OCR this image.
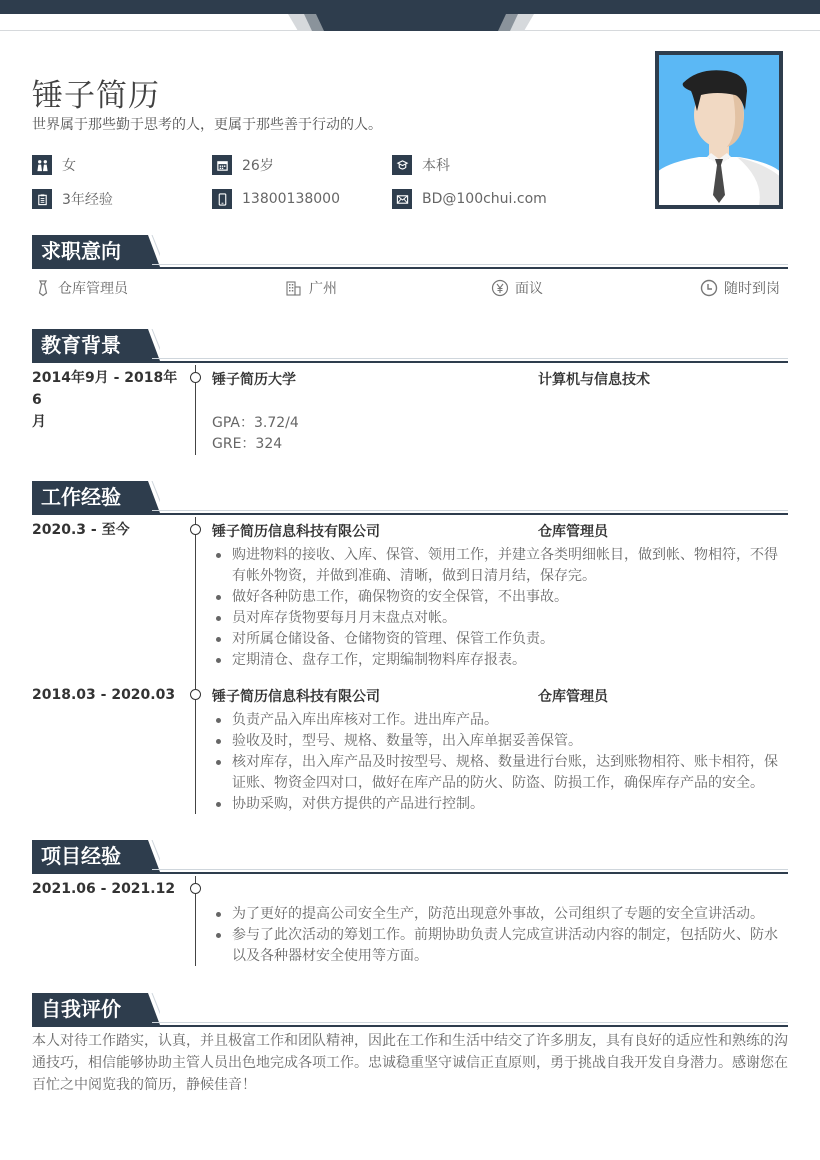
锤子简历
世界属于那些勤于思考的人，更属于那些善于行动的人。
女	26岁	本科
3年经验	13800138000	BD@100chui.com
求职意向
仓库管理员	广州	面议	随时到岗
教育背景
2014年9月 - 2018年6
月
锤子简历大学	计算机与信息技术
GPA：3.72/4
GRE：324
工作经验
2020.3 - 至今	锤子简历信息科技有限公司	仓库管理员
购进物料的接收、入库、保管、领用工作，并建立各类明细帐目，做到帐、物相符，不得有帐外物资，并做到准确、清晰，做到日清月结，保存完。
做好各种防患工作，确保物资的安全保管，不出事故。
员对库存货物要每月月末盘点对帐。
对所属仓储设备、仓储物资的管理、保管工作负责。
定期清仓、盘存工作，定期编制物料库存报表。
2018.03 - 2020.03	锤子简历信息科技有限公司	仓库管理员
负责产品入库出库核对工作。进出库产品。
验收及时，型号、规格、数量等，出入库单据妥善保管。
核对库存，出入库产品及时按型号、规格、数量进行台账，达到账物相符、账卡相符，保证账、物资金四对口，做好在库产品的防火、防盗、防损工作，确保库存产品的安全。
协助采购，对供方提供的产品进行控制。
项目经验
2021.06 - 2021.12
为了更好的提高公司安全生产，防范出现意外事故，公司组织了专题的安全宣讲活动。
参与了此次活动的筹划工作。前期协助负责人完成宣讲活动内容的制定，包括防火、防水以及各种器材安全使用等方面。
自我评价
本人对待工作踏实，认真，并且极富工作和团队精神，因此在工作和生活中结交了许多朋友，具有良好的适应性和熟练的沟通技巧，相信能够协助主管人员出色地完成各项工作。忠诚稳重坚守诚信正直原则，勇于挑战自我开发自身潜力。感谢您在百忙之中阅览我的简历，静候佳音！
